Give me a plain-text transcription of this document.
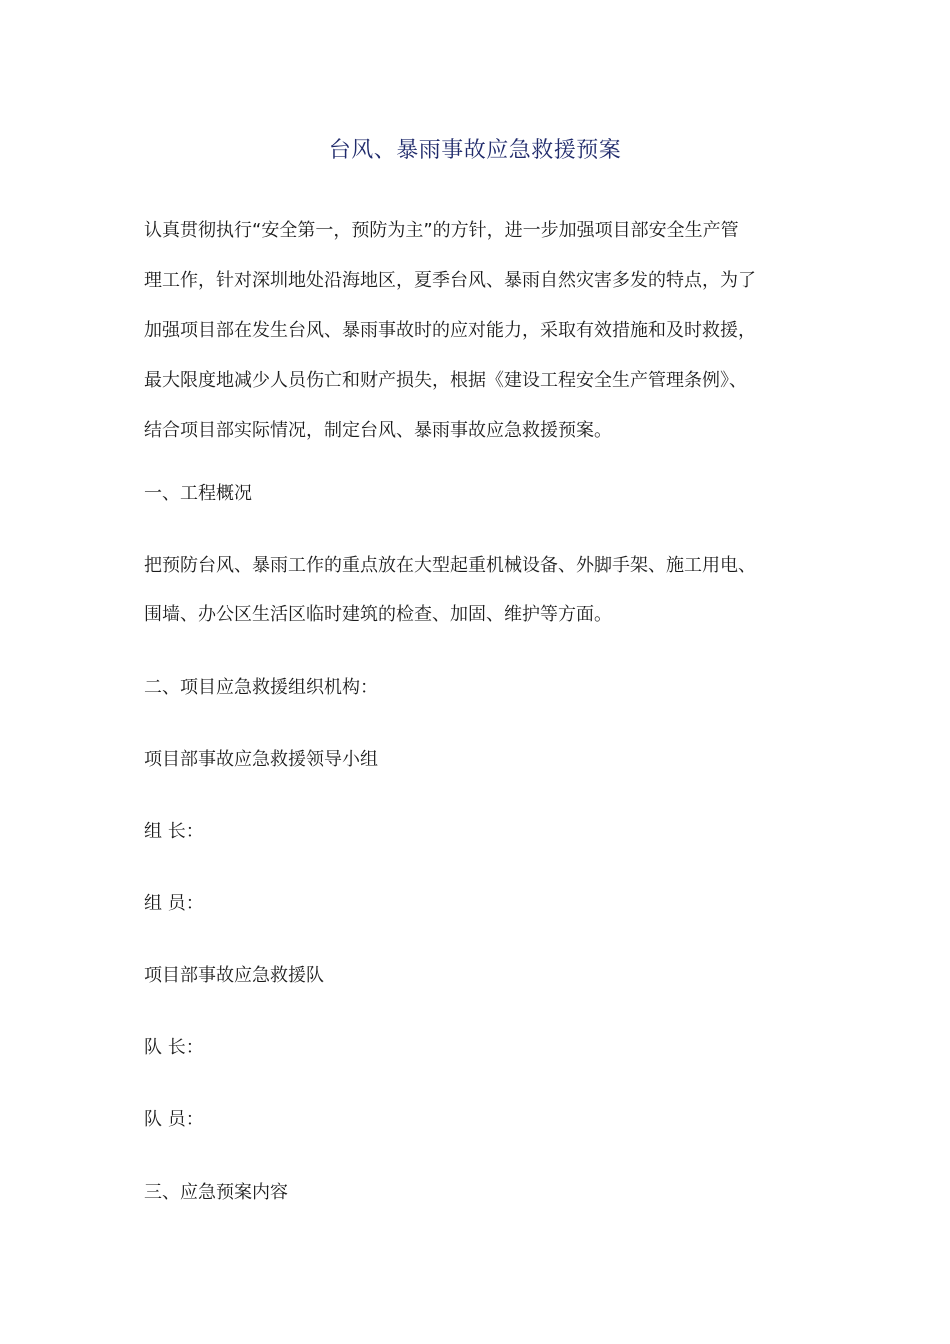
台风、暴雨事故应急救援预案

认真贯彻执行“安全第一，预防为主”的方针，进一步加强项目部安全生产管
理工作，针对深圳地处沿海地区，夏季台风、暴雨自然灾害多发的特点，为了
加强项目部在发生台风、暴雨事故时的应对能力，采取有效措施和及时救援，
最大限度地减少人员伤亡和财产损失，根据《建设工程安全生产管理条例》、
结合项目部实际情况，制定台风、暴雨事故应急救援预案。

一、工程概况

把预防台风、暴雨工作的重点放在大型起重机械设备、外脚手架、施工用电、

围墙、办公区生活区临时建筑的检查、加固、维护等方面。

二、项目应急救援组织机构：

项目部事故应急救援领导小组

组 长：

组 员：

项目部事故应急救援队

队 长：

队 员：

三、应急预案内容
